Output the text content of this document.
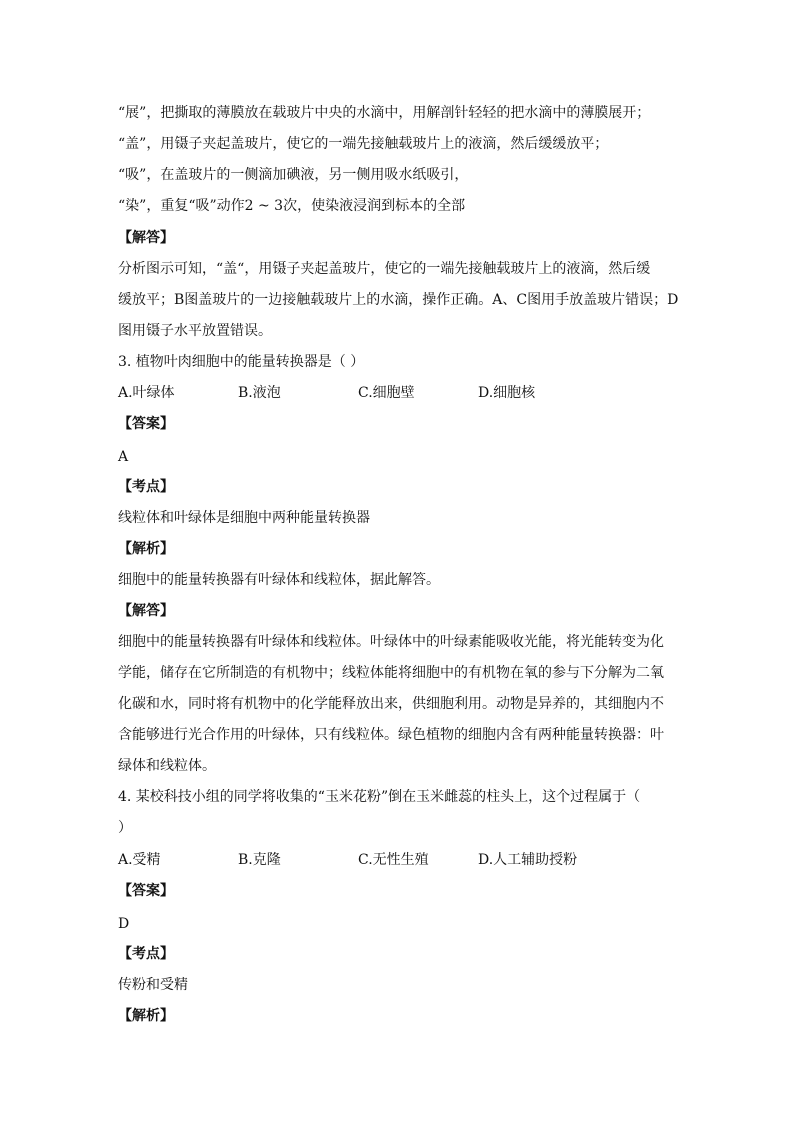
“展”，把撕取的薄膜放在载玻片中央的水滴中，用解剖针轻轻的把水滴中的薄膜展开；
“盖”，用镊子夹起盖玻片，使它的一端先接触载玻片上的液滴，然后缓缓放平；
“吸”，在盖玻片的一侧滴加碘液，另一侧用吸水纸吸引，
“染”，重复“吸”动作2 ~ 3次，使染液浸润到标本的全部
【解答】
分析图示可知，“盖“，用镊子夹起盖玻片，使它的一端先接触载玻片上的液滴，然后缓
缓放平；B图盖玻片的一边接触载玻片上的水滴，操作正确。A、C图用手放盖玻片错误；D
图用镊子水平放置错误。
3. 植物叶肉细胞中的能量转换器是（ ）
A.叶绿体	B.液泡	C.细胞壁	D.细胞核
【答案】
A
【考点】
线粒体和叶绿体是细胞中两种能量转换器
【解析】
细胞中的能量转换器有叶绿体和线粒体，据此解答。
【解答】
细胞中的能量转换器有叶绿体和线粒体。叶绿体中的叶绿素能吸收光能，将光能转变为化
学能，储存在它所制造的有机物中；线粒体能将细胞中的有机物在氧的参与下分解为二氧
化碳和水，同时将有机物中的化学能释放出来，供细胞利用。动物是异养的，其细胞内不
含能够进行光合作用的叶绿体，只有线粒体。绿色植物的细胞内含有两种能量转换器：叶
绿体和线粒体。
4. 某校科技小组的同学将收集的“玉米花粉”倒在玉米雌蕊的柱头上，这个过程属于（
）
A.受精	B.克隆	C.无性生殖	D.人工辅助授粉
【答案】
D
【考点】
传粉和受精
【解析】
